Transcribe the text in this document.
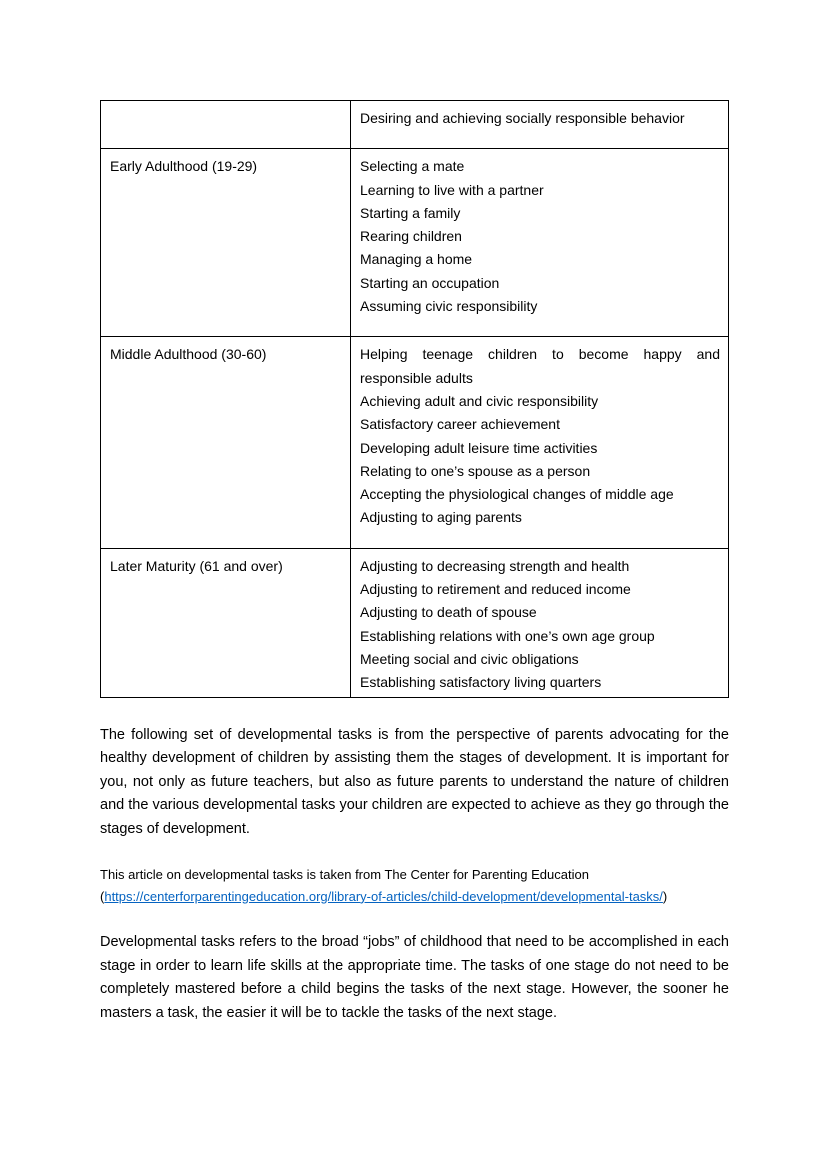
	Desiring and achieving socially responsible behavior

Early Adulthood (19-29)	Selecting a mate
Learning to live with a partner
Starting a family
Rearing children
Managing a home
Starting an occupation
Assuming civic responsibility

Middle Adulthood (30-60)	Helping teenage children to become happy and responsible adults
Achieving adult and civic responsibility
Satisfactory career achievement
Developing adult leisure time activities
Relating to one’s spouse as a person
Accepting the physiological changes of middle age
Adjusting to aging parents

Later Maturity (61 and over)	Adjusting to decreasing strength and health
Adjusting to retirement and reduced income
Adjusting to death of spouse
Establishing relations with one’s own age group
Meeting social and civic obligations
Establishing satisfactory living quarters

The following set of developmental tasks is from the perspective of parents advocating for the healthy development of children by assisting them the stages of development. It is important for you, not only as future teachers, but also as future parents to understand the nature of children and the various developmental tasks your children are expected to achieve as they go through the stages of development.

This article on developmental tasks is taken from The Center for Parenting Education (https://centerforparentingeducation.org/library-of-articles/child-development/developmental-tasks/)

Developmental tasks refers to the broad “jobs” of childhood that need to be accomplished in each stage in order to learn life skills at the appropriate time. The tasks of one stage do not need to be completely mastered before a child begins the tasks of the next stage. However, the sooner he masters a task, the easier it will be to tackle the tasks of the next stage.
